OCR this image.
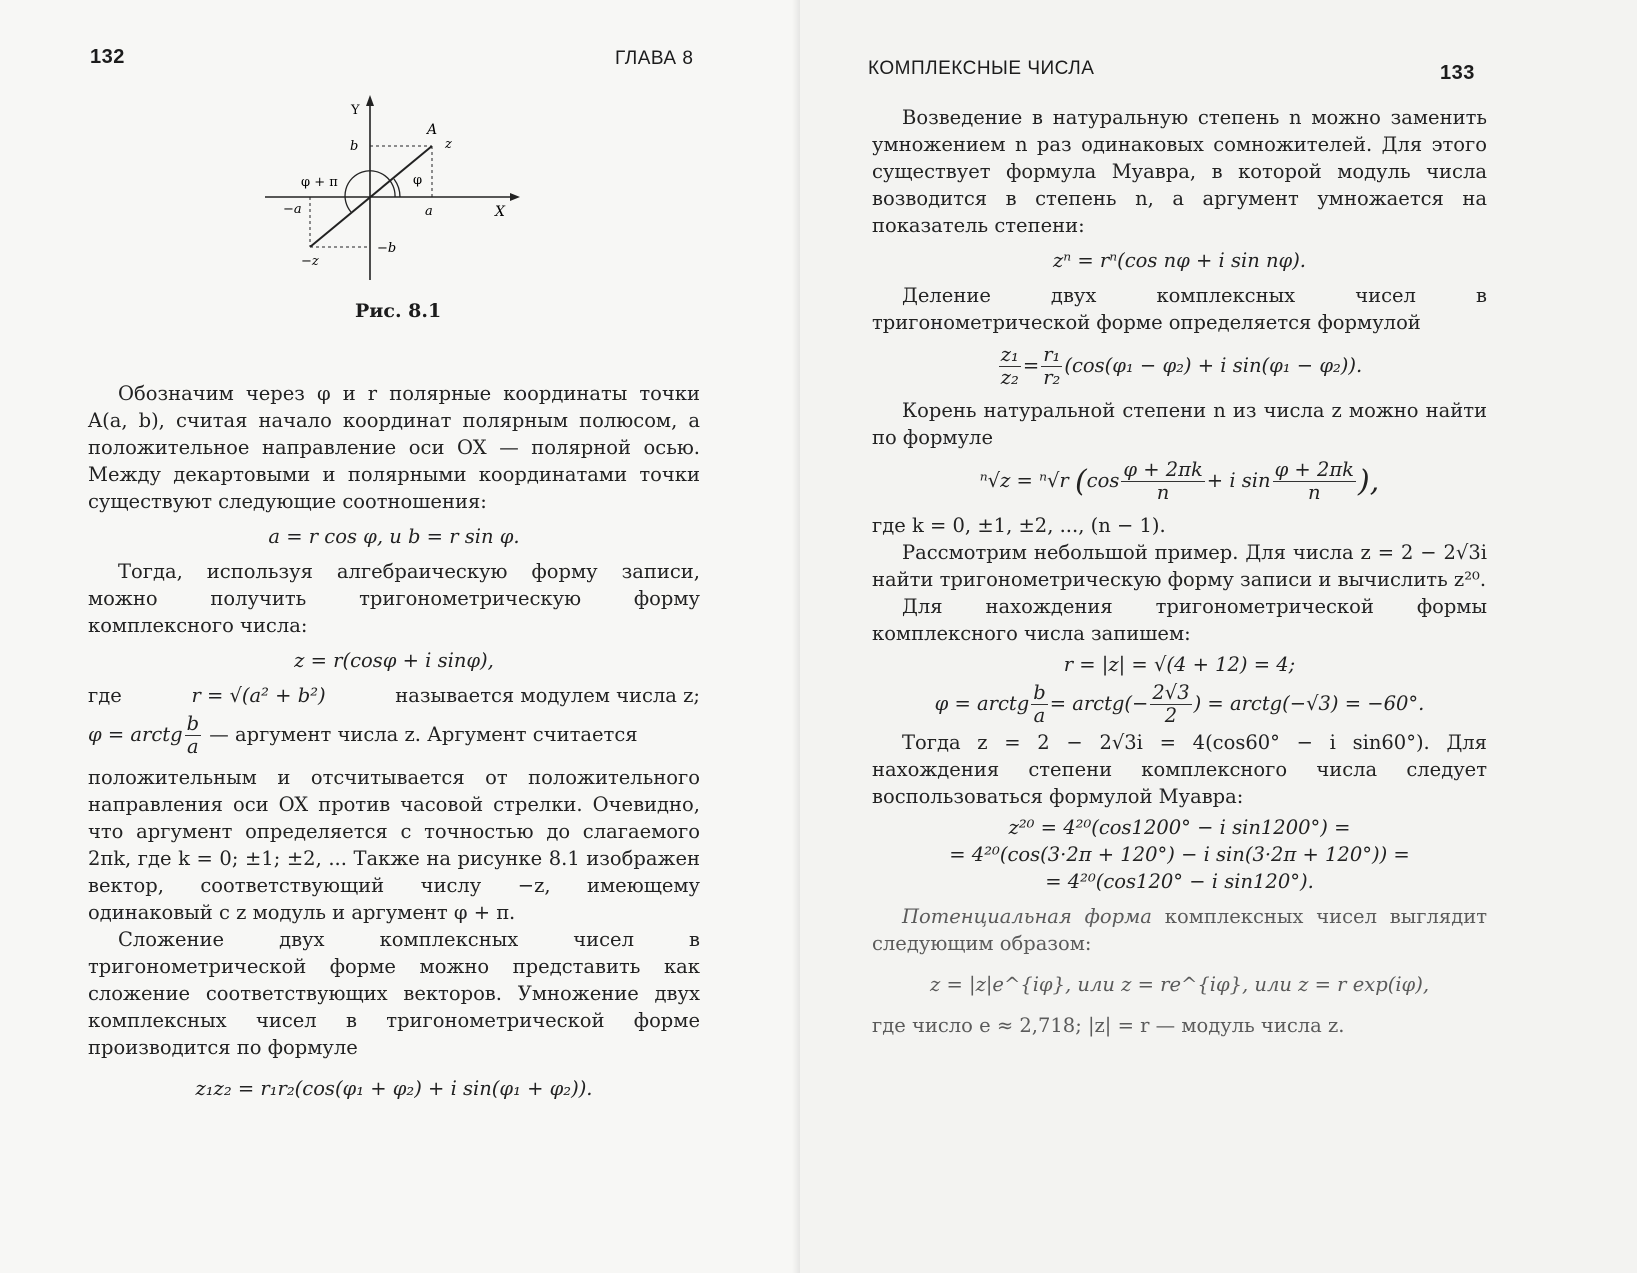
132	ГЛАВА 8
Y
X
A
z
b
φ + π	φ
−a	a
−b
−z
Рис. 8.1

Обозначим через φ и r полярные координаты точки A(a, b), считая начало координат полярным полюсом, а положительное направление оси OX — полярной осью. Между декартовыми и полярными координатами точки существуют следующие соотношения:

a = r cos φ, и b = r sin φ.

Тогда, используя алгебраическую форму записи, можно получить тригонометрическую форму комплексного числа:

z = r(cosφ + i sinφ),

где	r = √(a² + b²)	называется модулем числа z;

φ = arctg $\frac{b}{a}$ — аргумент числа z. Аргумент считается

положительным и отсчитывается от положительного направления оси OX против часовой стрелки. Очевидно, что аргумент определяется с точностью до слагаемого 2πk, где k = 0; ±1; ±2, ... Также на рисунке 8.1 изображен вектор, соответствующий числу −z, имеющему одинаковый с z модуль и аргумент φ + π.

Сложение двух комплексных чисел в тригонометрической форме можно представить как сложение соответствующих векторов. Умножение двух комплексных чисел в тригонометрической форме производится по формуле

z₁z₂ = r₁r₂(cos(φ₁ + φ₂) + i sin(φ₁ + φ₂)).
КОМПЛЕКСНЫЕ ЧИСЛА	133

Возведение в натуральную степень n можно заменить умножением n раз одинаковых сомножителей. Для этого существует формула Муавра, в которой модуль числа возводится в степень n, а аргумент умножается на показатель степени:

zⁿ = rⁿ(cos nφ + i sin nφ).

Деление двух комплексных чисел в тригонометрической форме определяется формулой

$\frac{\text{z₁}}{\text{z₂}} = \frac{\text{r₁}}{\text{r₂}} (\cos(\varphi_1 - \varphi_2) + i$ sin(φ₁ − φ₂)).

Корень натуральной степени n из числа z можно найти по формуле

ⁿ√z = ⁿ√r ($\cos \frac{\varphi + 2\pi k}{n} + i$ $\sin \frac{\varphi + 2\pi k}{n}$ ),

где k = 0, ±1, ±2, ..., (n − 1).

Рассмотрим небольшой пример. Для числа z = 2 − 2√3i найти тригонометрическую форму записи и вычислить z²⁰.

Для нахождения тригонометрической формы комплексного числа запишем:

r = |z| = √(4 + 12) = 4;
φ = arctg $\frac{b}{a}$ = arctg(− $\frac{2√3}{2}$ ) = arctg(−√3) = −60°.

Тогда z = 2 − 2√3i = 4(cos60° − i sin60°). Для нахождения степени комплексного числа следует воспользоваться формулой Муавра:

z²⁰ = 4²⁰(cos1200° − i sin1200°) =
= 4²⁰(cos(3·2π + 120°) − i sin(3·2π + 120°)) =
= 4²⁰(cos120° − i sin120°).

Потенциальная форма комплексных чисел выглядит следующим образом:

z = |z|e^{iφ}, или z = re^{iφ}, или z = r exp(iφ),

где число e ≈ 2,718; |z| = r — модуль числа z.
